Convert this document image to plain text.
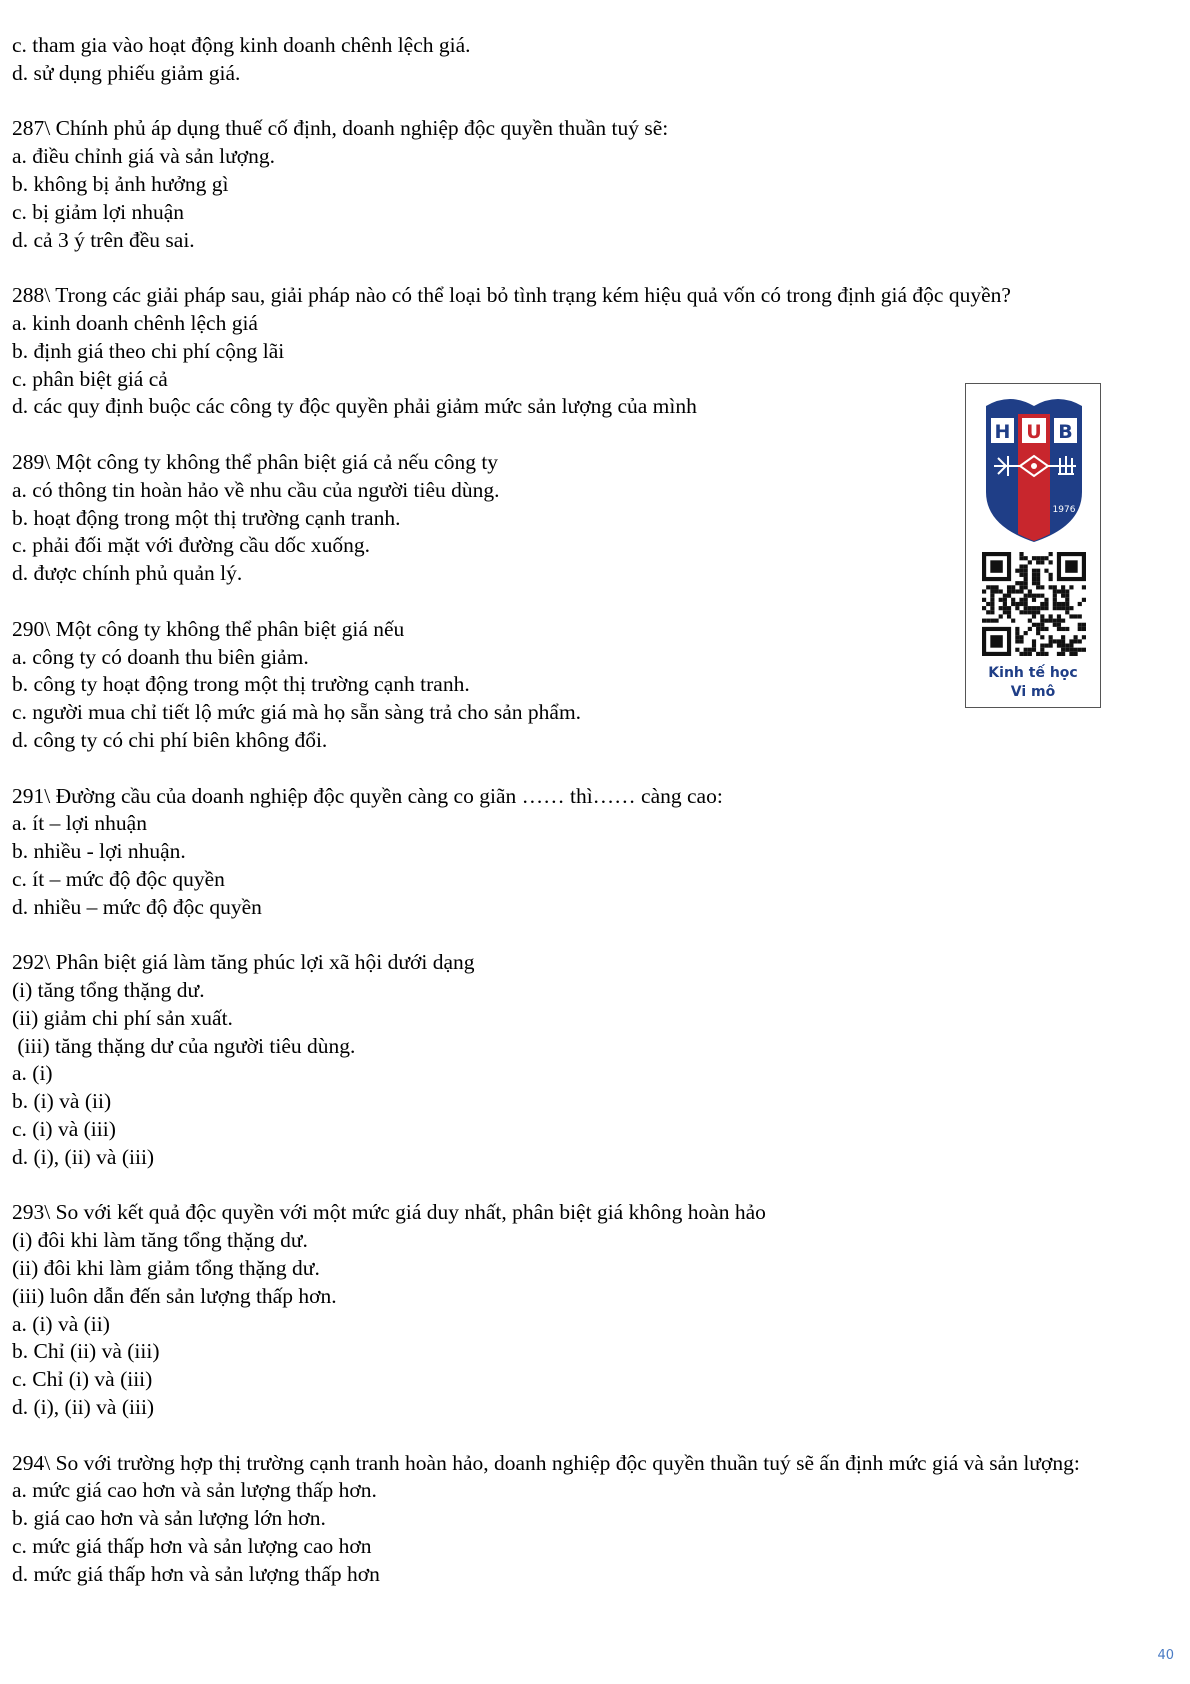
c. tham gia vào hoạt động kinh doanh chênh lệch giá.
d. sử dụng phiếu giảm giá.
287\ Chính phủ áp dụng thuế cố định, doanh nghiệp độc quyền thuần tuý sẽ:
a. điều chỉnh giá và sản lượng.
b. không bị ảnh hưởng gì
c. bị giảm lợi nhuận
d. cả 3 ý trên đều sai.
288\ Trong các giải pháp sau, giải pháp nào có thể loại bỏ tình trạng kém hiệu quả vốn có trong định giá độc quyền?
a. kinh doanh chênh lệch giá
b. định giá theo chi phí cộng lãi
c. phân biệt giá cả
d. các quy định buộc các công ty độc quyền phải giảm mức sản lượng của mình
289\ Một công ty không thể phân biệt giá cả nếu công ty
a. có thông tin hoàn hảo về nhu cầu của người tiêu dùng.
b. hoạt động trong một thị trường cạnh tranh.
c. phải đối mặt với đường cầu dốc xuống.
d. được chính phủ quản lý.
290\ Một công ty không thể phân biệt giá nếu
a. công ty có doanh thu biên giảm.
b. công ty hoạt động trong một thị trường cạnh tranh.
c. người mua chỉ tiết lộ mức giá mà họ sẵn sàng trả cho sản phẩm.
d. công ty có chi phí biên không đổi.
291\ Đường cầu của doanh nghiệp độc quyền càng co giãn …… thì…… càng cao:
a. ít – lợi nhuận
b. nhiều - lợi nhuận.
c. ít – mức độ độc quyền
d. nhiều – mức độ độc quyền
292\ Phân biệt giá làm tăng phúc lợi xã hội dưới dạng
(i) tăng tổng thặng dư.
(ii) giảm chi phí sản xuất.
(iii) tăng thặng dư của người tiêu dùng.
a. (i)
b. (i) và (ii)
c. (i) và (iii)
d. (i), (ii) và (iii)
293\ So với kết quả độc quyền với một mức giá duy nhất, phân biệt giá không hoàn hảo
(i) đôi khi làm tăng tổng thặng dư.
(ii) đôi khi làm giảm tổng thặng dư.
(iii) luôn dẫn đến sản lượng thấp hơn.
a. (i) và (ii)
b. Chỉ (ii) và (iii)
c. Chỉ (i) và (iii)
d. (i), (ii) và (iii)
294\ So với trường hợp thị trường cạnh tranh hoàn hảo, doanh nghiệp độc quyền thuần tuý sẽ ấn định mức giá và sản lượng:
a. mức giá cao hơn và sản lượng thấp hơn.
b. giá cao hơn và sản lượng lớn hơn.
c. mức giá thấp hơn và sản lượng cao hơn
d. mức giá thấp hơn và sản lượng thấp hơn
H U B
1976
Kinh tế học
Vi mô
40
